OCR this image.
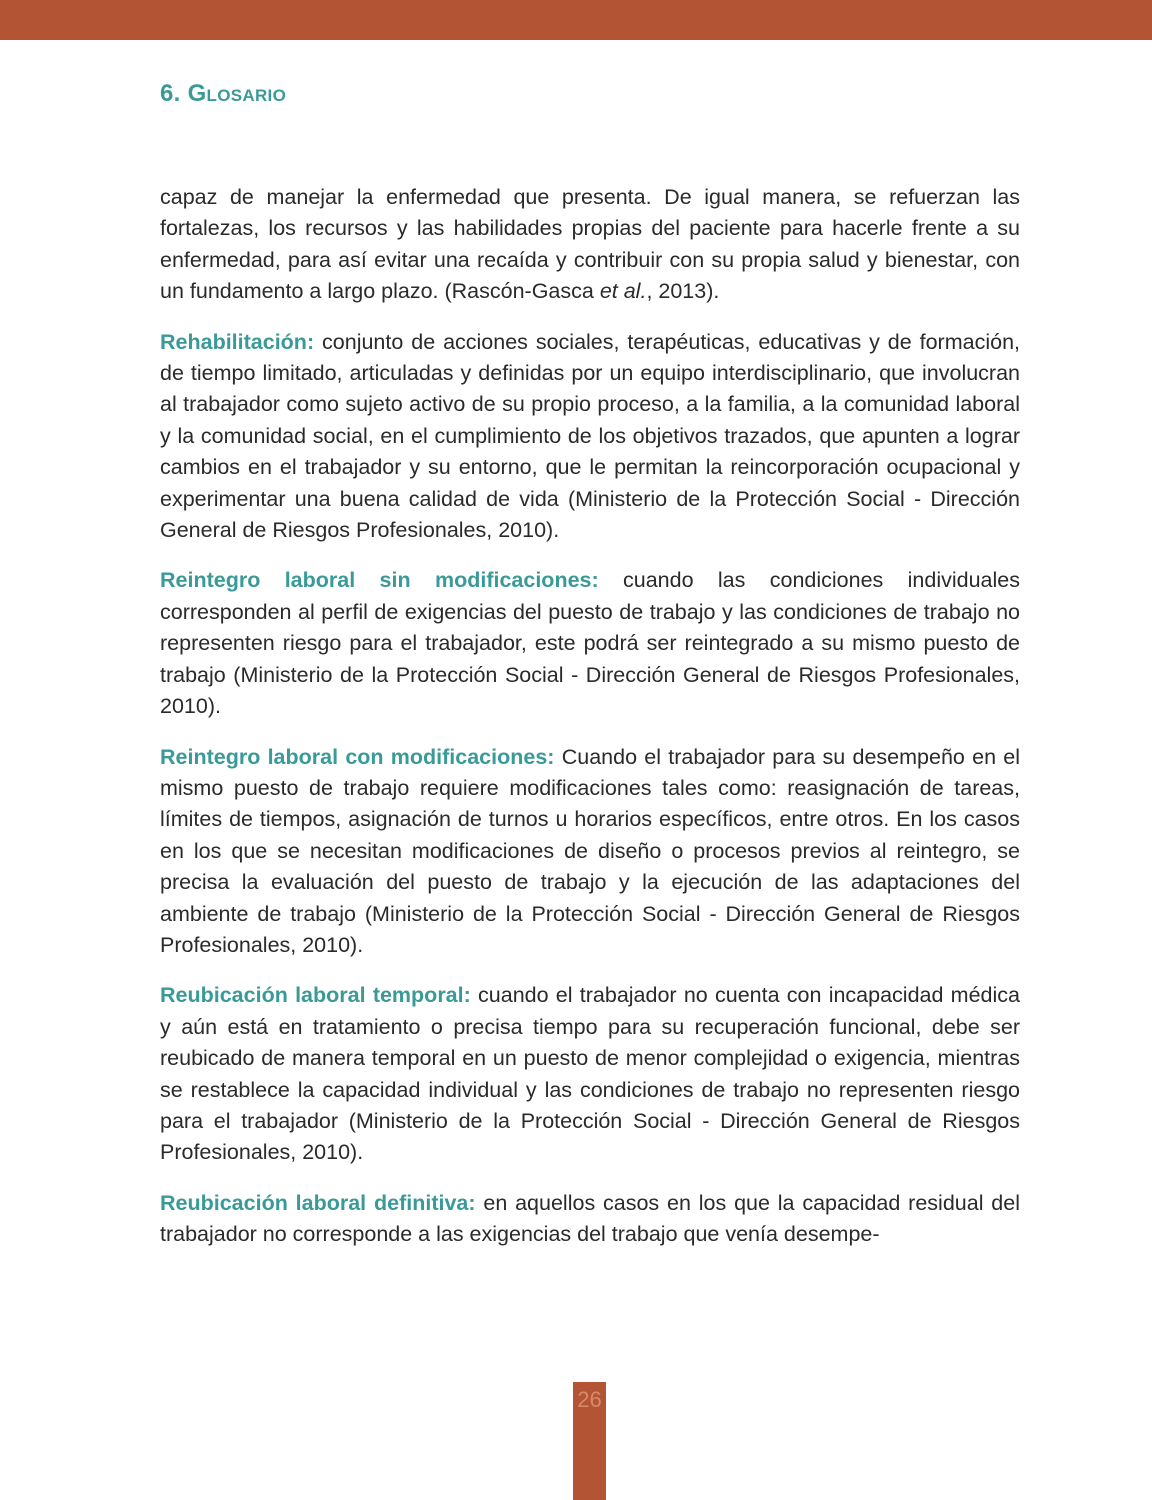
6. Glosario

capaz de manejar la enfermedad que presenta. De igual manera, se refuerzan las fortalezas, los recursos y las habilidades propias del paciente para hacerle frente a su enfermedad, para así evitar una recaída y contribuir con su propia salud y bienestar, con un fundamento a largo plazo. (Rascón-Gasca et al., 2013).

Rehabilitación: conjunto de acciones sociales, terapéuticas, educativas y de formación, de tiempo limitado, articuladas y definidas por un equipo interdisciplinario, que involucran al trabajador como sujeto activo de su propio proceso, a la familia, a la comunidad laboral y la comunidad social, en el cumplimiento de los objetivos trazados, que apunten a lograr cambios en el trabajador y su entorno, que le permitan la reincorporación ocupacional y experimentar una buena calidad de vida (Ministerio de la Protección Social - Dirección General de Riesgos Profesionales, 2010).

Reintegro laboral sin modificaciones: cuando las condiciones individuales corresponden al perfil de exigencias del puesto de trabajo y las condiciones de trabajo no representen riesgo para el trabajador, este podrá ser reintegrado a su mismo puesto de trabajo (Ministerio de la Protección Social - Dirección General de Riesgos Profesionales, 2010).

Reintegro laboral con modificaciones: Cuando el trabajador para su desempeño en el mismo puesto de trabajo requiere modificaciones tales como: reasignación de tareas, límites de tiempos, asignación de turnos u horarios específicos, entre otros. En los casos en los que se necesitan modificaciones de diseño o procesos previos al reintegro, se precisa la evaluación del puesto de trabajo y la ejecución de las adaptaciones del ambiente de trabajo (Ministerio de la Protección Social - Dirección General de Riesgos Profesionales, 2010).

Reubicación laboral temporal: cuando el trabajador no cuenta con incapacidad médica y aún está en tratamiento o precisa tiempo para su recuperación funcional, debe ser reubicado de manera temporal en un puesto de menor complejidad o exigencia, mientras se restablece la capacidad individual y las condiciones de trabajo no representen riesgo para el trabajador (Ministerio de la Protección Social - Dirección General de Riesgos Profesionales, 2010).

Reubicación laboral definitiva: en aquellos casos en los que la capacidad residual del trabajador no corresponde a las exigencias del trabajo que venía desempe-

26
